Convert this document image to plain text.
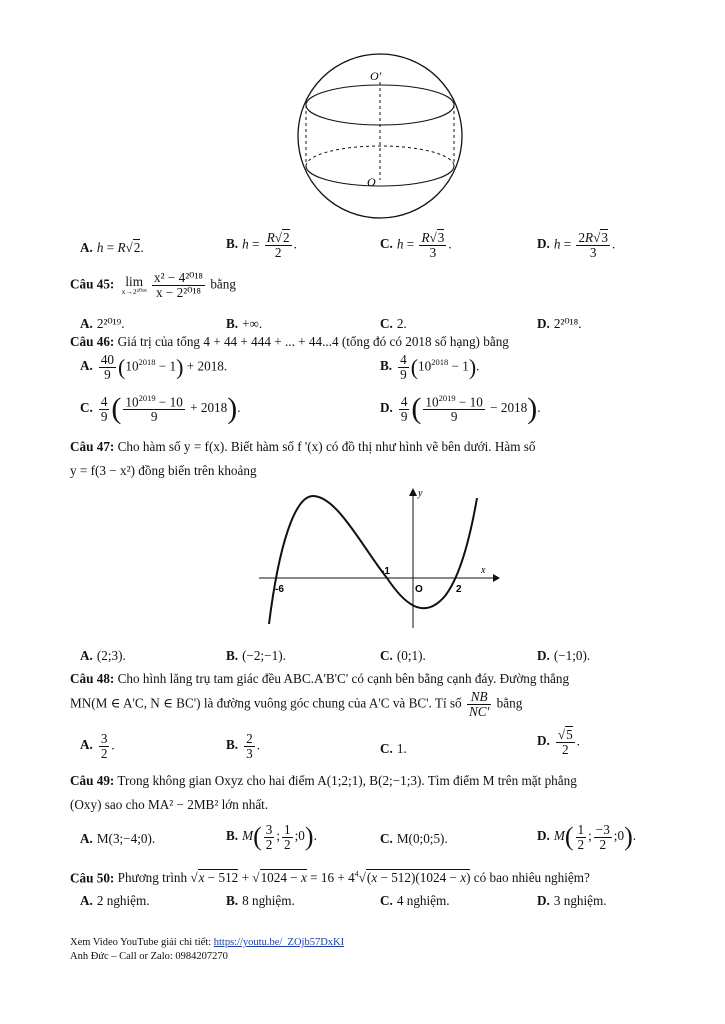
O'
O
A. h = R√2.	B. $h = \frac{R√2}{2}$ .	C. $h = \frac{R√3}{3}$ .	D. $h = \frac{2R√3}{3}$ .
Câu 45: lim
x→2²⁰¹⁸
$\frac{\text{x² − 4²⁰¹⁸}}{\text{x − 2²⁰¹⁸}}$ bằng
A. 2²⁰¹⁹.	B. +∞.	C. 2.	D. 2²⁰¹⁸.
Câu 46: Giá trị của tổng 4 + 44 + 444 + ... + 44...4 (tổng đó có 2018 số hạng) bằng
A. $\frac{40}{9} (10^{2018} - 1) + 2018$.	B. $\frac{4}{9} (10^{2018} - 1)$.
C. $\frac{4}{9}$ ( $\frac{10^{2019} - 10}{9} + 2018$).	D. $\frac{4}{9}$ ( $\frac{10^{2019} - 10}{9} - 2018$).
Câu 47: Cho hàm số y = f(x). Biết hàm số f '(x) có đồ thị như hình vẽ bên dưới. Hàm số
y = f(3 − x²) đồng biến trên khoảng
y
x
-6
-1
O	2
A. (2;3).	B. (−2;−1).	C. (0;1).	D. (−1;0).
Câu 48: Cho hình lăng trụ tam giác đều ABC.A'B'C' có cạnh bên bằng cạnh đáy. Đường thẳng
MN(M ∈ A'C, N ∈ BC') là đường vuông góc chung của A'C và BC'. Tỉ số $\frac{NB}{NC'}$ bằng
A. $\frac{3}{2}$ .	B. $\frac{2}{3}$ .	C. 1.
D. $\frac{√5}{2}$ .
Câu 49: Trong không gian Oxyz cho hai điểm A(1;2;1), B(2;−1;3). Tìm điểm M trên mặt phẳng
(Oxy) sao cho MA² − 2MB² lớn nhất.
A. M(3;−4;0).	B. $M( \frac{3}{2}$ ; $\frac{1}{2}$ ;0).	C. M(0;0;5).	D. $M( \frac{1}{2}$ ; $\frac{-3}{2}$ ;0).
Câu 50: Phương trình $√x - 512 + √1024 - x = 16 + 4^4√(x - 512)(1024 - x)$ có bao nhiêu nghiệm?
A. 2 nghiệm.	B. 8 nghiệm.	C. 4 nghiệm.	D. 3 nghiệm.
Xem Video YouTube giải chi tiết: https://youtu.be/_ZOjb57DxKI
Anh Đức – Call or Zalo: 0984207270
